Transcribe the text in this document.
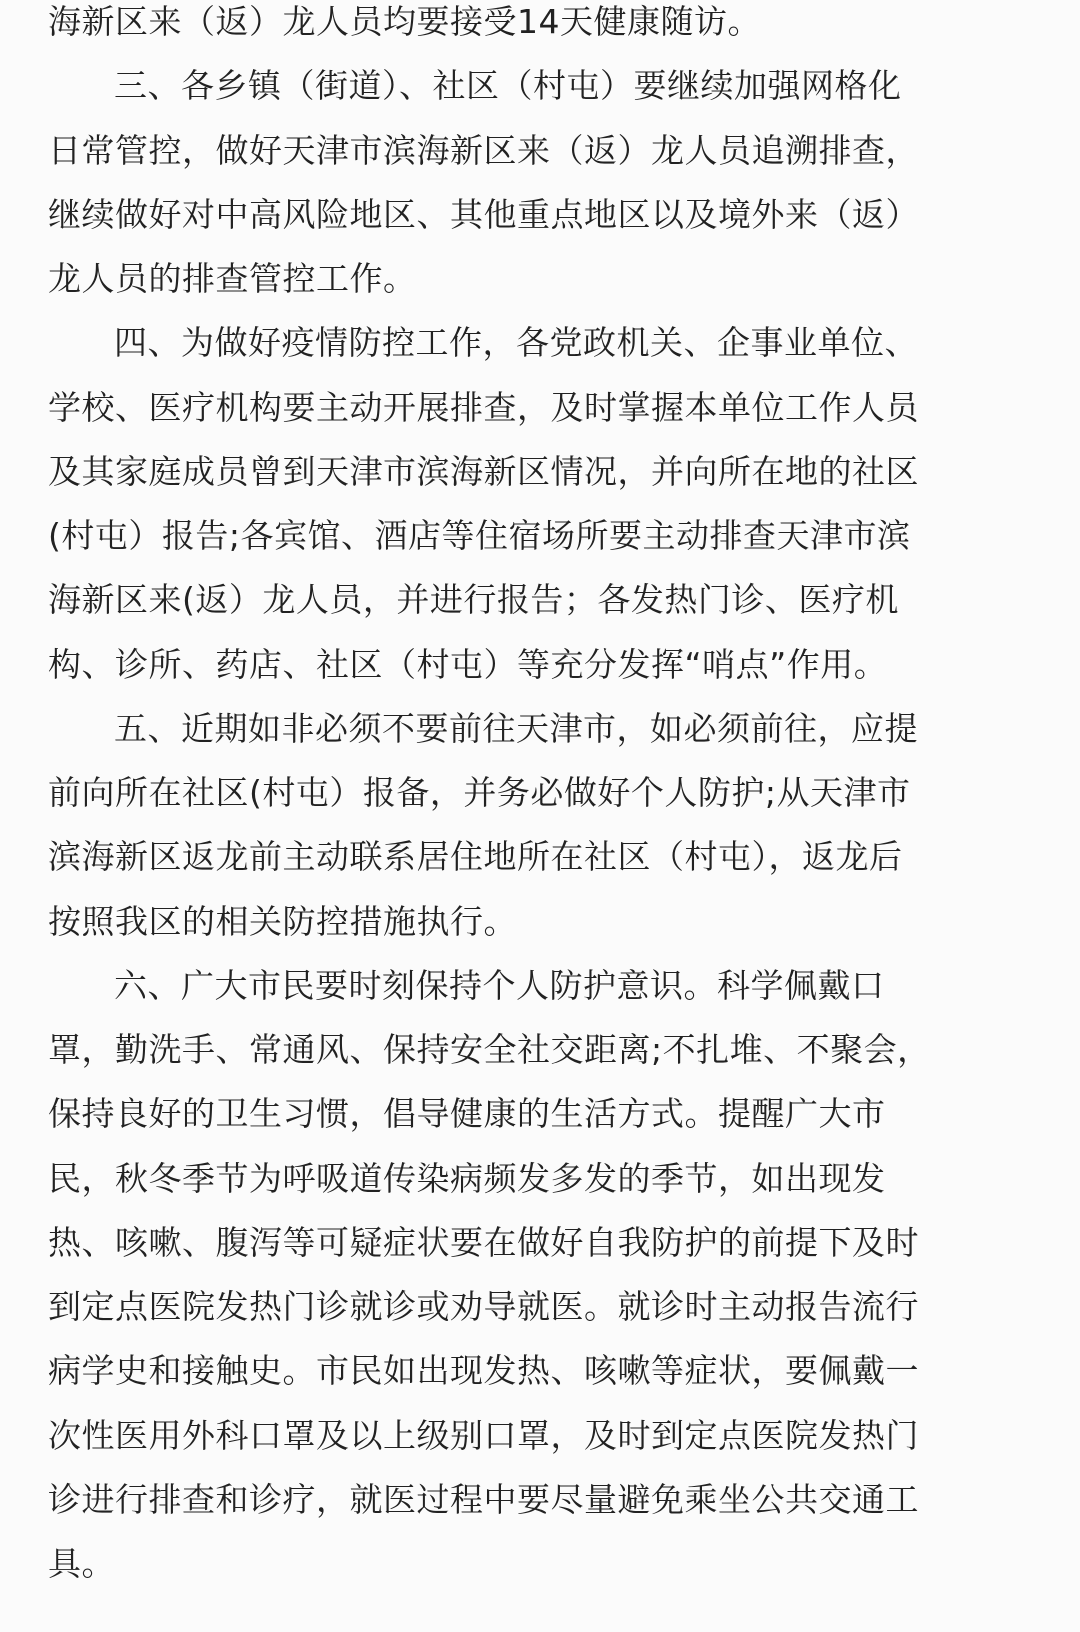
海新区来（返）龙人员均要接受14天健康随访。
三、各乡镇（街道）、社区（村屯）要继续加强网格化
日常管控，做好天津市滨海新区来（返）龙人员追溯排查，
继续做好对中高风险地区、其他重点地区以及境外来（返）
龙人员的排查管控工作。
四、为做好疫情防控工作，各党政机关、企事业单位、
学校、医疗机构要主动开展排查，及时掌握本单位工作人员
及其家庭成员曾到天津市滨海新区情况，并向所在地的社区
(村屯）报告;各宾馆、酒店等住宿场所要主动排查天津市滨
海新区来(返）龙人员，并进行报告；各发热门诊、医疗机
构、诊所、药店、社区（村屯）等充分发挥“哨点”作用。
五、近期如非必须不要前往天津市，如必须前往，应提
前向所在社区(村屯）报备，并务必做好个人防护;从天津市
滨海新区返龙前主动联系居住地所在社区（村屯），返龙后
按照我区的相关防控措施执行。
六、广大市民要时刻保持个人防护意识。科学佩戴口
罩，勤洗手、常通风、保持安全社交距离;不扎堆、不聚会，
保持良好的卫生习惯，倡导健康的生活方式。提醒广大市
民，秋冬季节为呼吸道传染病频发多发的季节，如出现发
热、咳嗽、腹泻等可疑症状要在做好自我防护的前提下及时
到定点医院发热门诊就诊或劝导就医。就诊时主动报告流行
病学史和接触史。市民如出现发热、咳嗽等症状，要佩戴一
次性医用外科口罩及以上级别口罩，及时到定点医院发热门
诊进行排查和诊疗，就医过程中要尽量避免乘坐公共交通工
具。
